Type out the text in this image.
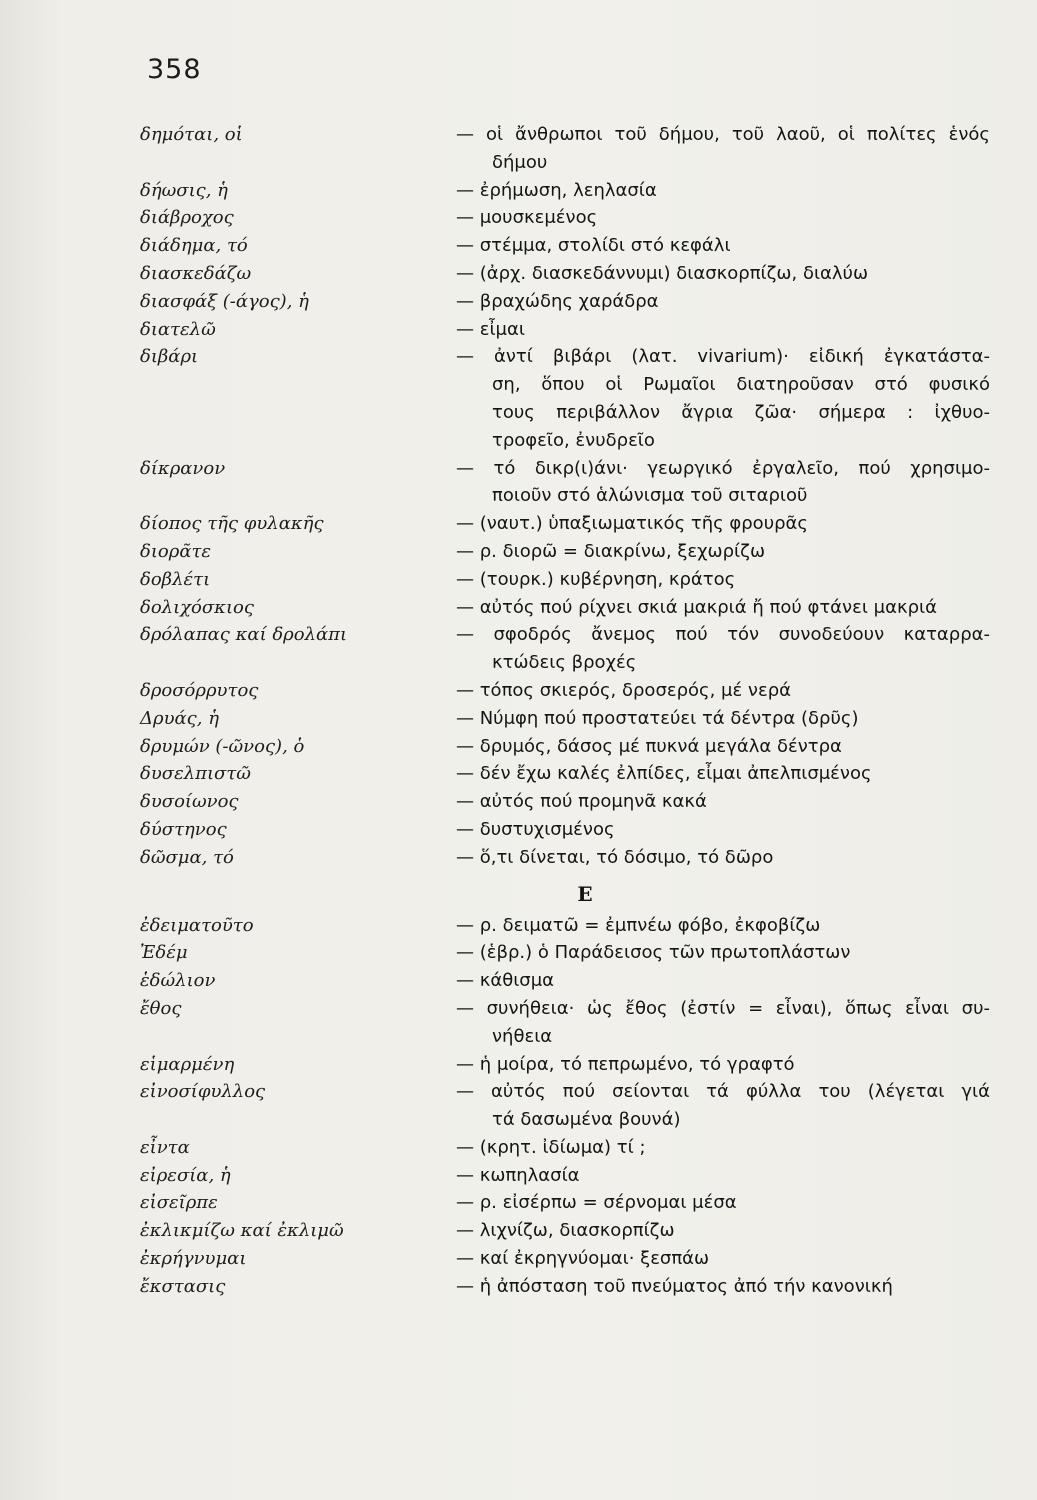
358
δημόται, οἱ	— οἱ ἄνθρωποι τοῦ δήμου, τοῦ λαοῦ, οἱ πολίτες ἑνός
δήμου
δήωσις, ἡ	— ἐρήμωση, λεηλασία
διάβροχος	— μουσκεμένος
διάδημα, τό	— στέμμα, στολίδι στό κεφάλι
διασκεδάζω	— (ἀρχ. διασκεδάννυμι) διασκορπίζω, διαλύω
διασφάξ (-άγος), ἡ	— βραχώδης χαράδρα
διατελῶ	— εἶμαι
διβάρι	— ἀντί βιβάρι (λατ. vivarium)· εἰδική ἐγκατάστα-
ση, ὅπου οἱ Ρωμαῖοι διατηροῦσαν στό φυσικό
τους περιβάλλον ἄγρια ζῶα· σήμερα : ἰχθυο-
τροφεῖο, ἐνυδρεῖο
δίκρανον	— τό δικρ(ι)άνι· γεωργικό ἐργαλεῖο, πού χρησιμο-
ποιοῦν στό ἁλώνισμα τοῦ σιταριοῦ
δίοπος τῆς φυλακῆς	— (ναυτ.) ὑπαξιωματικός τῆς φρουρᾶς
διορᾶτε	— ρ. διορῶ = διακρίνω, ξεχωρίζω
δοβλέτι	— (τουρκ.) κυβέρνηση, κράτος
δολιχόσκιος	— αὐτός πού ρίχνει σκιά μακριά ἤ πού φτάνει μακριά
δρόλαπας καί δρολάπι	— σφοδρός ἄνεμος πού τόν συνοδεύουν καταρρα-
κτώδεις βροχές
δροσόρρυτος	— τόπος σκιερός, δροσερός, μέ νερά
Δρυάς, ἡ	— Νύμφη πού προστατεύει τά δέντρα (δρῦς)
δρυμών (-ῶνος), ὁ	— δρυμός, δάσος μέ πυκνά μεγάλα δέντρα
δυσελπιστῶ	— δέν ἔχω καλές ἐλπίδες, εἶμαι ἀπελπισμένος
δυσοίωνος	— αὐτός πού προμηνᾶ κακά
δύστηνος	— δυστυχισμένος
δῶσμα, τό	— ὅ,τι δίνεται, τό δόσιμο, τό δῶρο
Ε
ἐδειματοῦτο	— ρ. δειματῶ = ἐμπνέω φόβο, ἐκφοβίζω
Ἐδέμ	— (ἑβρ.) ὁ Παράδεισος τῶν πρωτοπλάστων
ἑδώλιον	— κάθισμα
ἔθος	— συνήθεια· ὡς ἔθος (ἐστίν = εἶναι), ὅπως εἶναι συ-
νήθεια
εἱμαρμένη	— ἡ μοίρα, τό πεπρωμένο, τό γραφτό
εἰνοσίφυλλος	— αὐτός πού σείονται τά φύλλα του (λέγεται γιά
τά δασωμένα βουνά)
εἶντα	— (κρητ. ἰδίωμα) τί ;
εἰρεσία, ἡ	— κωπηλασία
εἰσεῖρπε	— ρ. εἰσέρπω = σέρνομαι μέσα
ἐκλικμίζω καί ἐκλιμῶ	— λιχνίζω, διασκορπίζω
ἐκρήγνυμαι	— καί ἐκρηγνύομαι· ξεσπάω
ἔκστασις	— ἡ ἀπόσταση τοῦ πνεύματος ἀπό τήν κανονική
